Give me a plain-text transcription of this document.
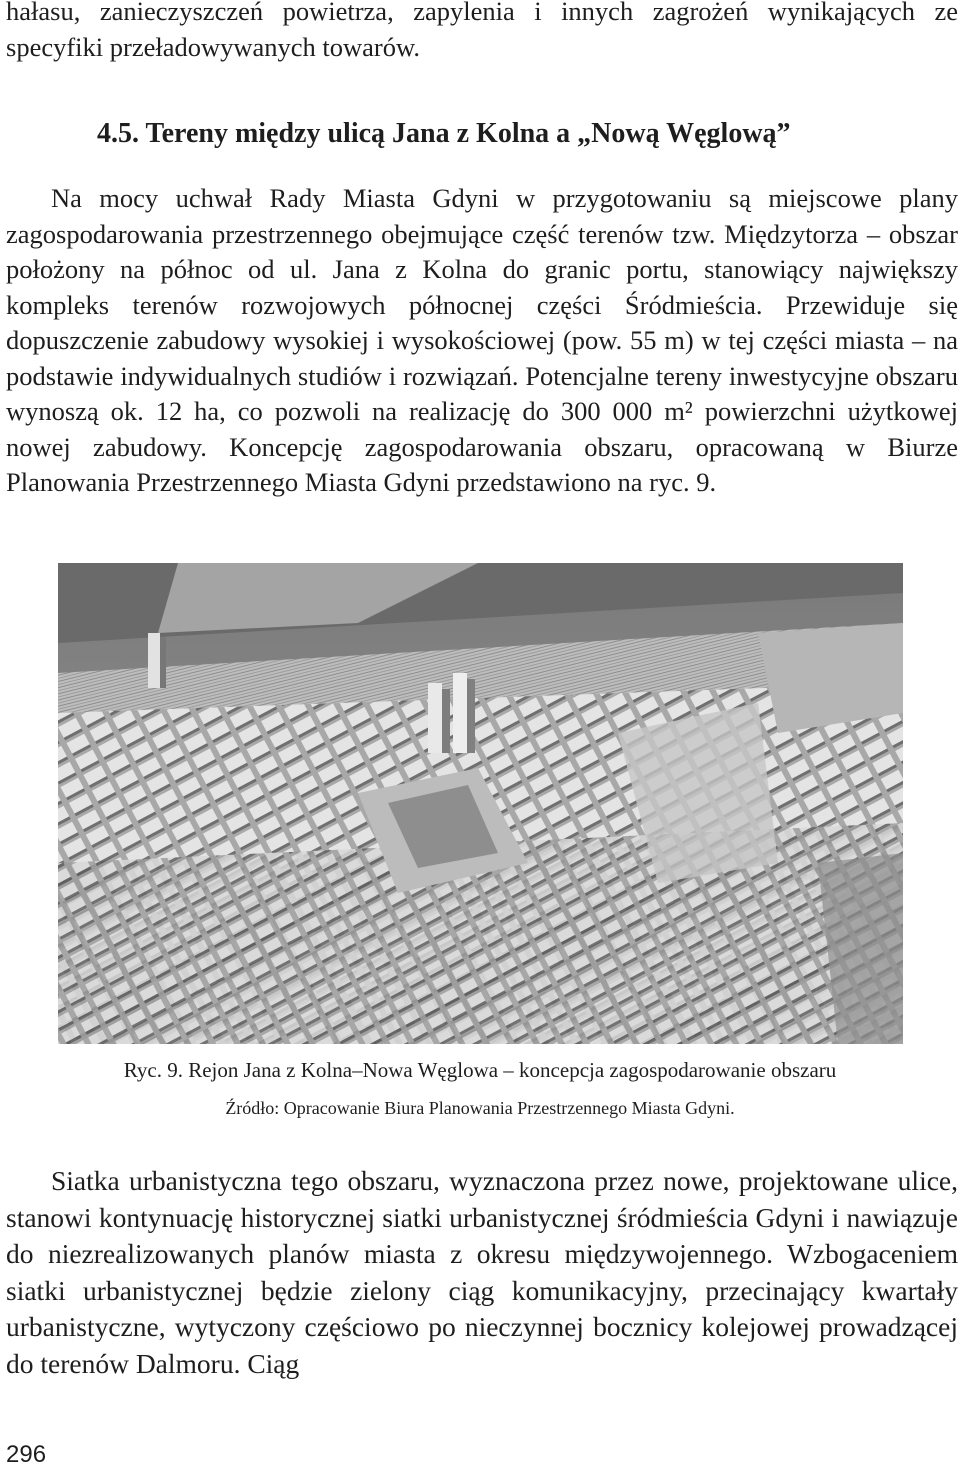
hałasu, zanieczyszczeń powietrza, zapylenia i innych zagrożeń wynikających ze specyfiki przeładowywanych towarów.

4.5. Tereny między ulicą Jana z Kolna a „Nową Węglową”

Na mocy uchwał Rady Miasta Gdyni w przygotowaniu są miejscowe plany zagospodarowania przestrzennego obejmujące część terenów tzw. Międzytorza – obszar położony na północ od ul. Jana z Kolna do granic portu, stanowiący największy kompleks terenów rozwojowych północnej części Śródmieścia. Przewiduje się dopuszczenie zabudowy wysokiej i wysokościowej (pow. 55 m) w tej części miasta – na podstawie indywidualnych studiów i rozwiązań. Potencjalne tereny inwestycyjne obszaru wynoszą ok. 12 ha, co pozwoli na realizację do 300 000 m² powierzchni użytkowej nowej zabudowy. Koncepcję zagospodarowania obszaru, opracowaną w Biurze Planowania Przestrzennego Miasta Gdyni przedstawiono na ryc. 9.

Ryc. 9. Rejon Jana z Kolna–Nowa Węglowa – koncepcja zagospodarowanie obszaru

Źródło: Opracowanie Biura Planowania Przestrzennego Miasta Gdyni.

Siatka urbanistyczna tego obszaru, wyznaczona przez nowe, projektowane ulice, stanowi kontynuację historycznej siatki urbanistycznej śródmieścia Gdyni i nawiązuje do niezrealizowanych planów miasta z okresu międzywojennego. Wzbogaceniem siatki urbanistycznej będzie zielony ciąg komunikacyjny, przecinający kwartały urbanistyczne, wytyczony częściowo po nieczynnej bocznicy kolejowej prowadzącej do terenów Dalmoru. Ciąg

296
